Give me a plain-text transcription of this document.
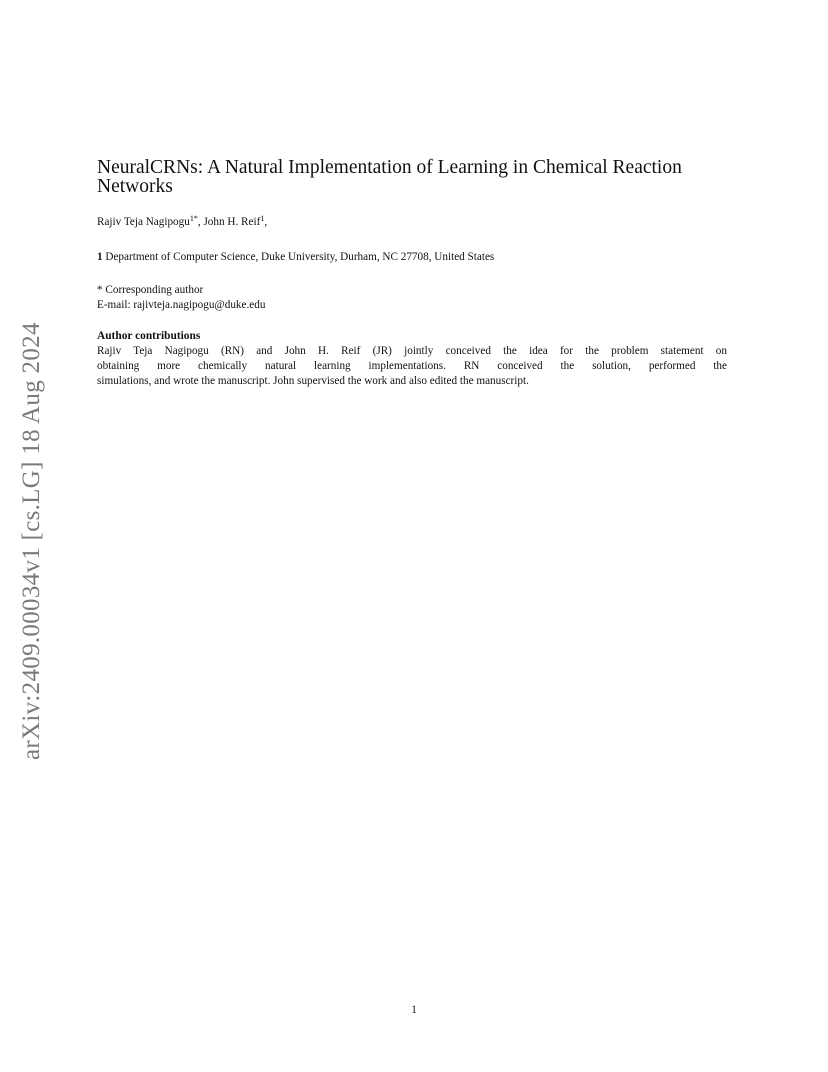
arXiv:2409.00034v1 [cs.LG] 18 Aug 2024
NeuralCRNs: A Natural Implementation of Learning in Chemical Reaction
Networks
Rajiv Teja Nagipogu$^{1*}$, John H. Reif$^1$,
1 Department of Computer Science, Duke University, Durham, NC 27708, United States
* Corresponding author
E-mail: rajivteja.nagipogu@duke.edu
Author contributions
Rajiv Teja Nagipogu (RN) and John H. Reif (JR) jointly conceived the idea for the problem statement on
obtaining more chemically natural learning implementations. RN conceived the solution, performed the
simulations, and wrote the manuscript. John supervised the work and also edited the manuscript.
1
